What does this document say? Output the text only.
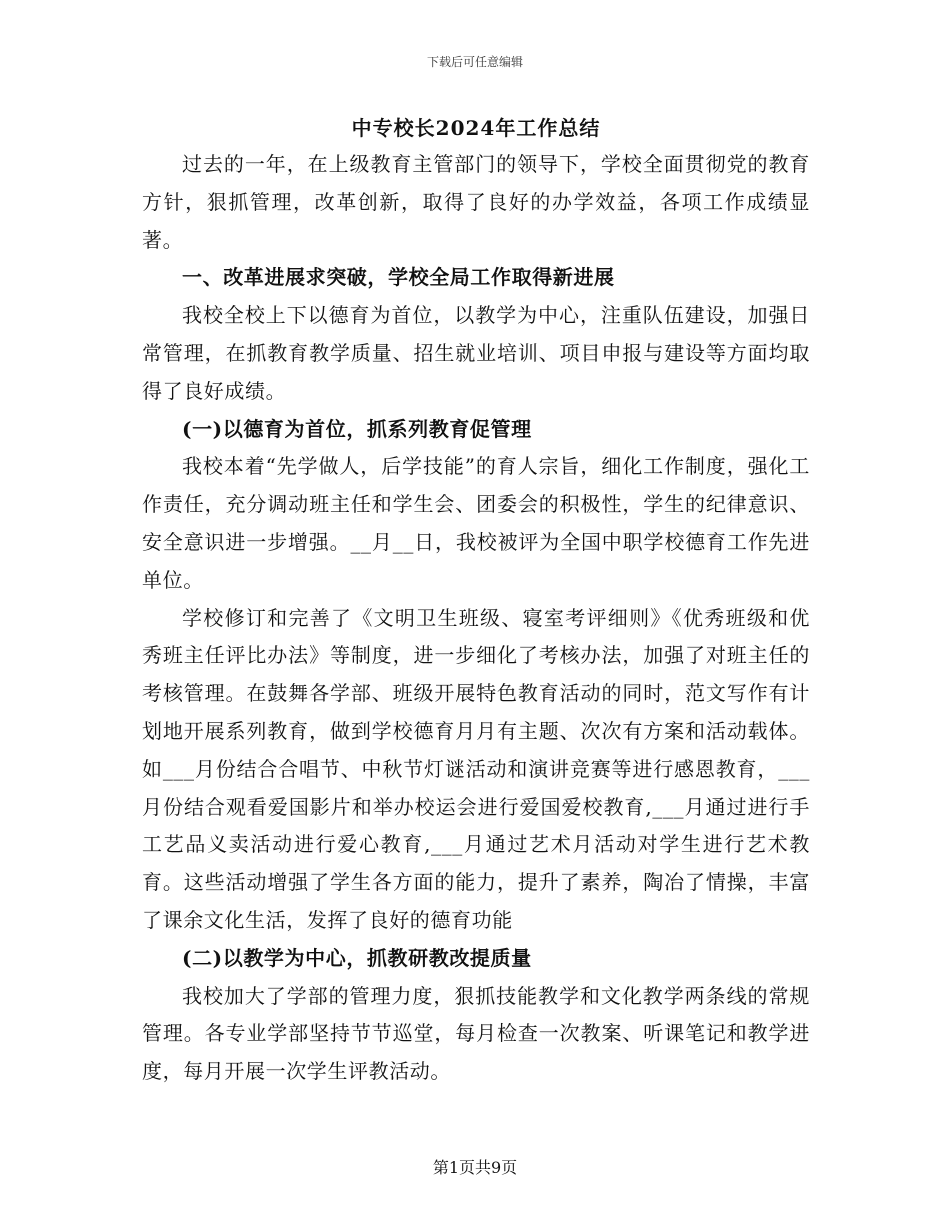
下载后可任意编辑
中专校长2024年工作总结

过去的一年，在上级教育主管部门的领导下，学校全面贯彻党的教育方针，狠抓管理，改革创新，取得了良好的办学效益，各项工作成绩显著。

一、改革进展求突破，学校全局工作取得新进展

我校全校上下以德育为首位，以教学为中心，注重队伍建设，加强日常管理，在抓教育教学质量、招生就业培训、项目申报与建设等方面均取得了良好成绩。

(一)以德育为首位，抓系列教育促管理

我校本着“先学做人，后学技能”的育人宗旨，细化工作制度，强化工作责任，充分调动班主任和学生会、团委会的积极性，学生的纪律意识、安全意识进一步增强。__月__日，我校被评为全国中职学校德育工作先进单位。

学校修订和完善了《文明卫生班级、寝室考评细则》《优秀班级和优秀班主任评比办法》等制度，进一步细化了考核办法，加强了对班主任的考核管理。在鼓舞各学部、班级开展特色教育活动的同时，范文写作有计划地开展系列教育，做到学校德育月月有主题、次次有方案和活动载体。如___月份结合合唱节、中秋节灯谜活动和演讲竞赛等进行感恩教育，___月份结合观看爱国影片和举办校运会进行爱国爱校教育,___月通过进行手工艺品义卖活动进行爱心教育,___月通过艺术月活动对学生进行艺术教育。这些活动增强了学生各方面的能力，提升了素养，陶冶了情操，丰富了课余文化生活，发挥了良好的德育功能

(二)以教学为中心，抓教研教改提质量

我校加大了学部的管理力度，狠抓技能教学和文化教学两条线的常规管理。各专业学部坚持节节巡堂，每月检查一次教案、听课笔记和教学进度，每月开展一次学生评教活动。

第1页共9页
